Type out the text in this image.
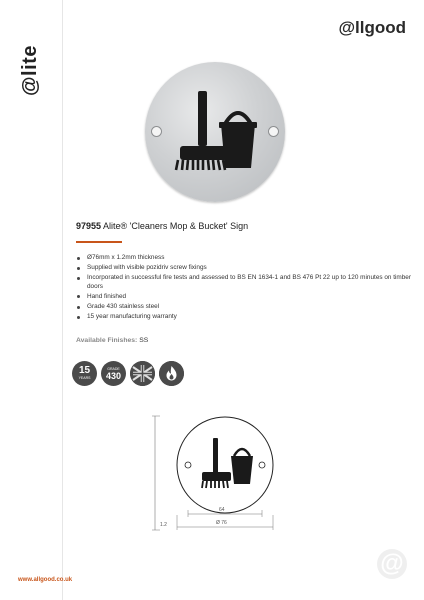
@lite
@llgood
97955 Alite® 'Cleaners Mop & Bucket' Sign
Ø76mm x 1.2mm thickness
Supplied with visible pozidriv screw fixings
Incorporated in successful fire tests and assessed to BS EN 1634-1 and BS 476 Pt 22 up to 120 minutes on timber doors
Hand finished
Grade 430 stainless steel
15 year manufacturing warranty
Available Finishes: SS
15
YEARS
GRADE
430
64
Ø 76
1.2
www.allgood.co.uk
@
